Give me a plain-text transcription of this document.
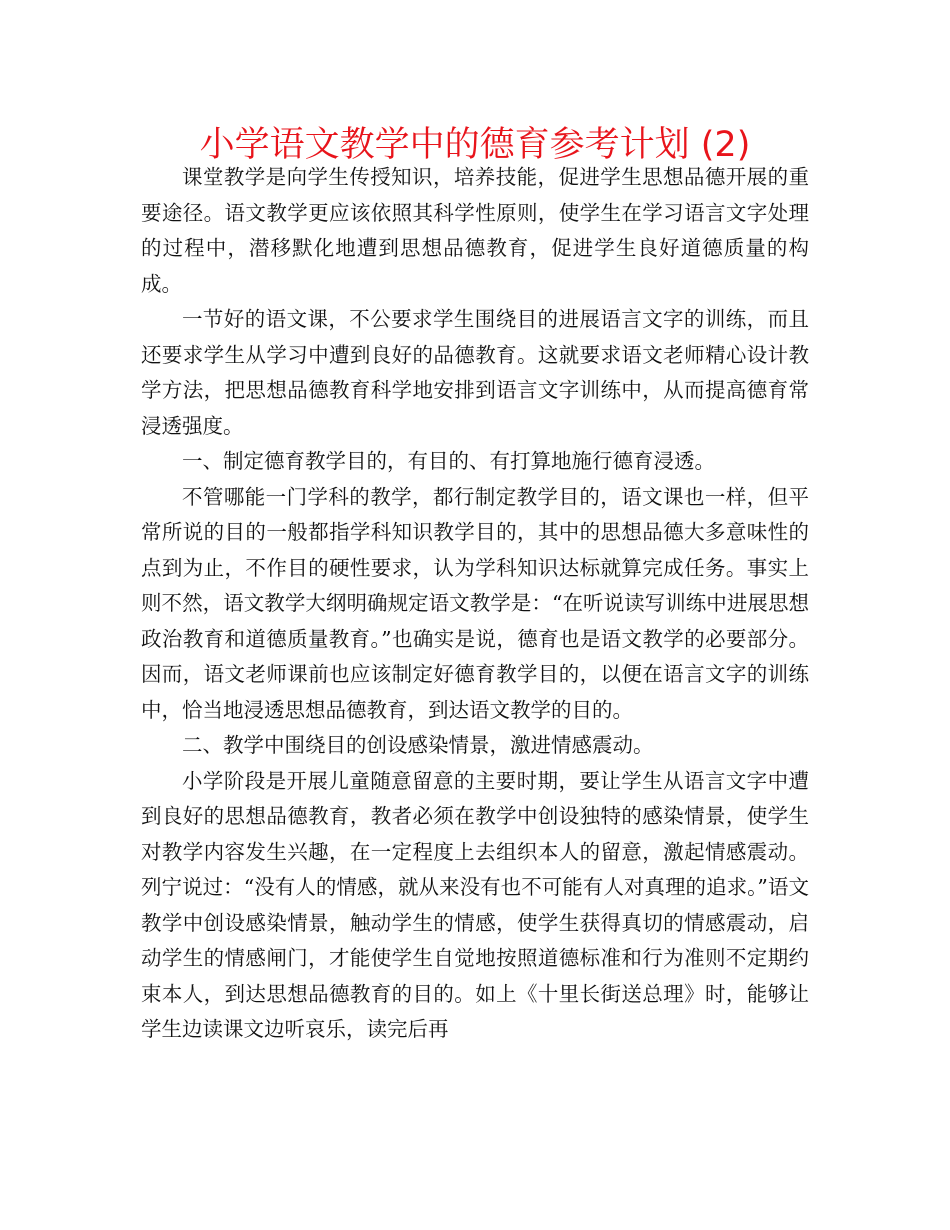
小学语文教学中的德育参考计划 (2)

课堂教学是向学生传授知识，培养技能，促进学生思想品德开展的重要途径。语文教学更应该依照其科学性原则，使学生在学习语言文字处理的过程中，潜移默化地遭到思想品德教育，促进学生良好道德质量的构成。

一节好的语文课，不公要求学生围绕目的进展语言文字的训练，而且还要求学生从学习中遭到良好的品德教育。这就要求语文老师精心设计教学方法，把思想品德教育科学地安排到语言文字训练中，从而提高德育常浸透强度。

一、制定德育教学目的，有目的、有打算地施行德育浸透。

不管哪能一门学科的教学，都行制定教学目的，语文课也一样，但平常所说的目的一般都指学科知识教学目的，其中的思想品德大多意味性的点到为止，不作目的硬性要求，认为学科知识达标就算完成任务。事实上则不然，语文教学大纲明确规定语文教学是：“在听说读写训练中进展思想政治教育和道德质量教育。”也确实是说，德育也是语文教学的必要部分。因而，语文老师课前也应该制定好德育教学目的，以便在语言文字的训练中，恰当地浸透思想品德教育，到达语文教学的目的。

二、教学中围绕目的创设感染情景，激进情感震动。

小学阶段是开展儿童随意留意的主要时期，要让学生从语言文字中遭到良好的思想品德教育，教者必须在教学中创设独特的感染情景，使学生对教学内容发生兴趣，在一定程度上去组织本人的留意，激起情感震动。列宁说过：“没有人的情感，就从来没有也不可能有人对真理的追求。”语文教学中创设感染情景，触动学生的情感，使学生获得真切的情感震动，启动学生的情感闸门，才能使学生自觉地按照道德标准和行为准则不定期约束本人，到达思想品德教育的目的。如上《十里长街送总理》时，能够让学生边读课文边听哀乐，读完后再
